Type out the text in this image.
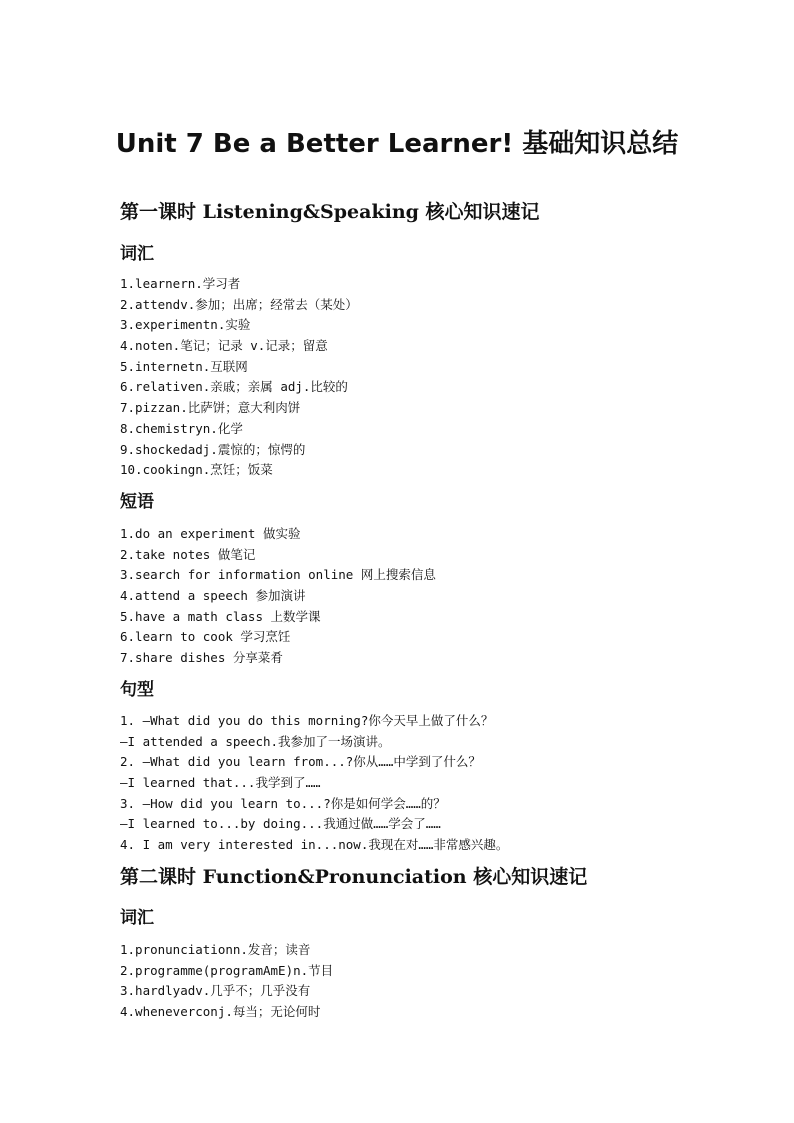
Unit 7 Be a Better Learner! 基础知识总结
第一课时 Listening&Speaking 核心知识速记
词汇
1.learnern.学习者
2.attendv.参加；出席；经常去（某处）
3.experimentn.实验
4.noten.笔记；记录 v.记录；留意
5.internetn.互联网
6.relativen.亲戚；亲属 adj.比较的
7.pizzan.比萨饼；意大利肉饼
8.chemistryn.化学
9.shockedadj.震惊的；惊愕的
10.cookingn.烹饪；饭菜
短语
1.do an experiment 做实验
2.take notes 做笔记
3.search for information online 网上搜索信息
4.attend a speech 参加演讲
5.have a math class 上数学课
6.learn to cook 学习烹饪
7.share dishes 分享菜肴
句型
1. —What did you do this morning?你今天早上做了什么？
—I attended a speech.我参加了一场演讲。
2. —What did you learn from...?你从……中学到了什么？
—I learned that...我学到了……
3. —How did you learn to...?你是如何学会……的？
—I learned to...by doing...我通过做……学会了……
4. I am very interested in...now.我现在对……非常感兴趣。
第二课时 Function&Pronunciation 核心知识速记
词汇
1.pronunciationn.发音；读音
2.programme(programAmE)n.节目
3.hardlyadv.几乎不；几乎没有
4.wheneverconj.每当；无论何时
